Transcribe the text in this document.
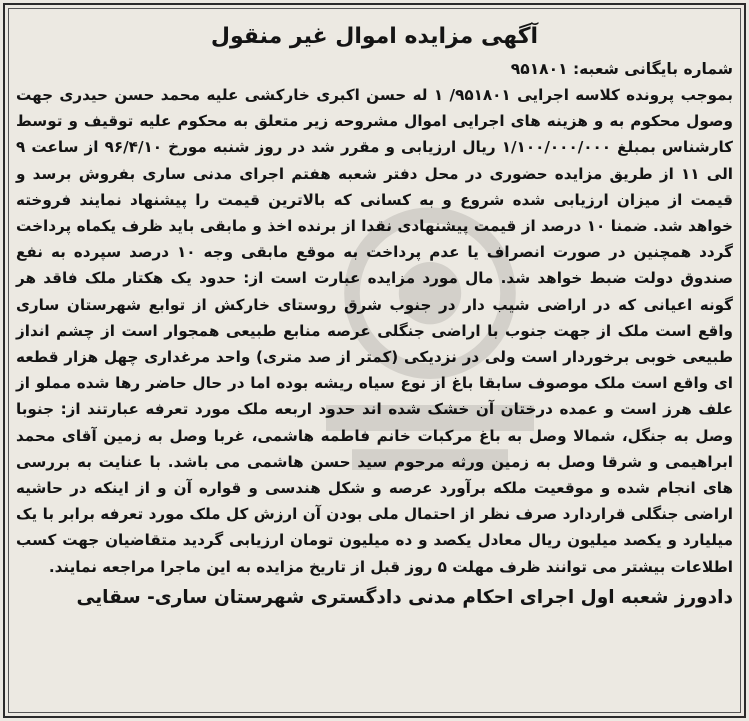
آگهی مزایده اموال غیر منقول
شماره بایگانی شعبه: ۹۵۱۸۰۱
بموجب پرونده کلاسه اجرایی ۹۵۱۸۰۱/ ۱ له حسن اکبری خارکشی علیه محمد حسن حیدری جهت وصول محکوم به و هزینه های اجرایی اموال مشروحه زیر متعلق به محکوم علیه توقیف و توسط کارشناس بمبلغ ۱/۱۰۰/۰۰۰/۰۰۰ ریال ارزیابی و مقرر شد در روز شنبه مورخ ۹۶/۴/۱۰ از ساعت ۹ الی ۱۱ از طریق مزایده حضوری در محل دفتر شعبه هفتم اجرای مدنی ساری بفروش برسد و قیمت از میزان ارزیابی شده شروع و به کسانی که بالاترین قیمت را پیشنهاد نمایند فروخته خواهد شد. ضمنا ۱۰ درصد از قیمت پیشنهادی نقدا از برنده اخذ و مابقی باید ظرف یکماه پرداخت گردد همچنین در صورت انصراف یا عدم پرداخت به موقع مابقی وجه ۱۰ درصد سپرده به نفع صندوق دولت ضبط خواهد شد. مال مورد مزایده عبارت است از: حدود یک هکتار ملک فاقد هر گونه اعیانی که در اراضی شیب دار در جنوب شرق روستای خارکش از توابع شهرستان ساری واقع است ملک از جهت جنوب با اراضی جنگلی عرصه منابع طبیعی همجوار است از چشم انداز طبیعی خوبی برخوردار است ولی در نزدیکی (کمتر از صد متری) واحد مرغداری چهل هزار قطعه ای واقع است ملک موصوف سابقا باغ از نوع سیاه ریشه بوده اما در حال حاضر رها شده مملو از علف هرز است و عمده درختان آن خشک شده اند حدود اربعه ملک مورد تعرفه عبارتند از: جنوبا وصل به جنگل، شمالا وصل به باغ مرکبات خانم فاطمه هاشمی، غربا وصل به زمین آقای محمد ابراهیمی و شرقا وصل به زمین ورثه مرحوم سید حسن هاشمی می باشد. با عنایت به بررسی های انجام شده و موقعیت ملکه برآورد عرصه و شکل هندسی و قواره آن و از اینکه در حاشیه اراضی جنگلی قراردارد صرف نظر از احتمال ملی بودن آن ارزش کل ملک مورد تعرفه برابر با یک میلیارد و یکصد میلیون ریال معادل یکصد و ده میلیون تومان ارزیابی گردید متقاضیان جهت کسب اطلاعات بیشتر می توانند ظرف مهلت ۵ روز قبل از تاریخ مزایده به این ماجرا مراجعه نمایند.
دادورز شعبه اول اجرای احکام مدنی دادگستری شهرستان ساری- سقایی
